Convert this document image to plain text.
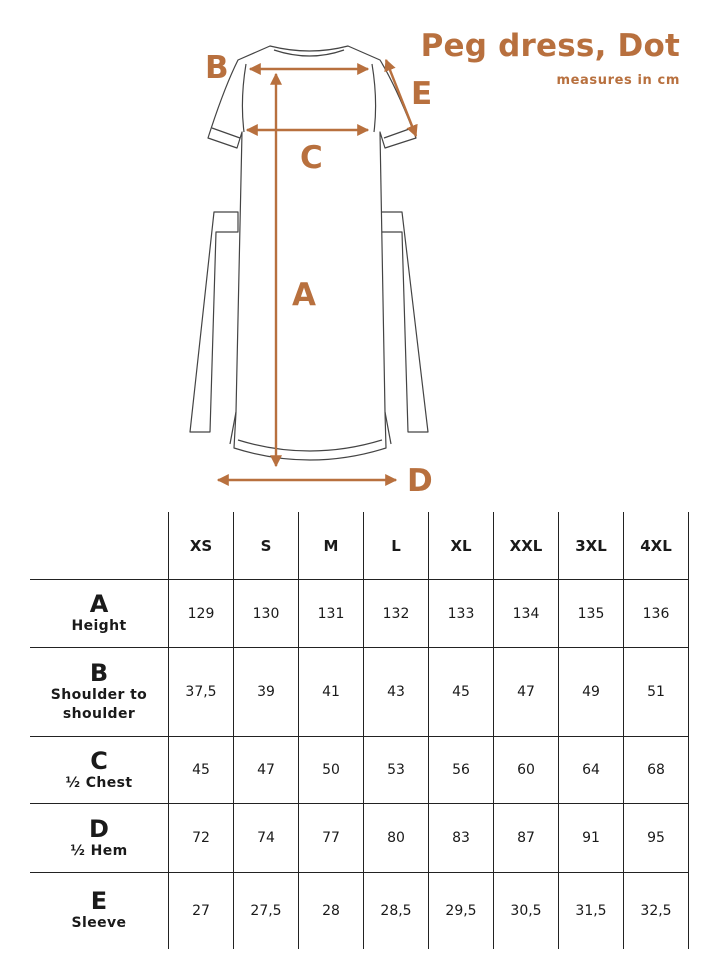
B
E
C
A
D
Peg dress, Dot
measures in cm
	XS	S	M	L	XL	XXL	3XL	4XL

A
Height	129	130	131	132	133	134	135	136

B
Shoulder to shoulder	37,5	39	41	43	45	47	49	51

C
½ Chest	45	47	50	53	56	60	64	68

D
½ Hem	72	74	77	80	83	87	91	95

E
Sleeve	27	27,5	28	28,5	29,5	30,5	31,5	32,5
